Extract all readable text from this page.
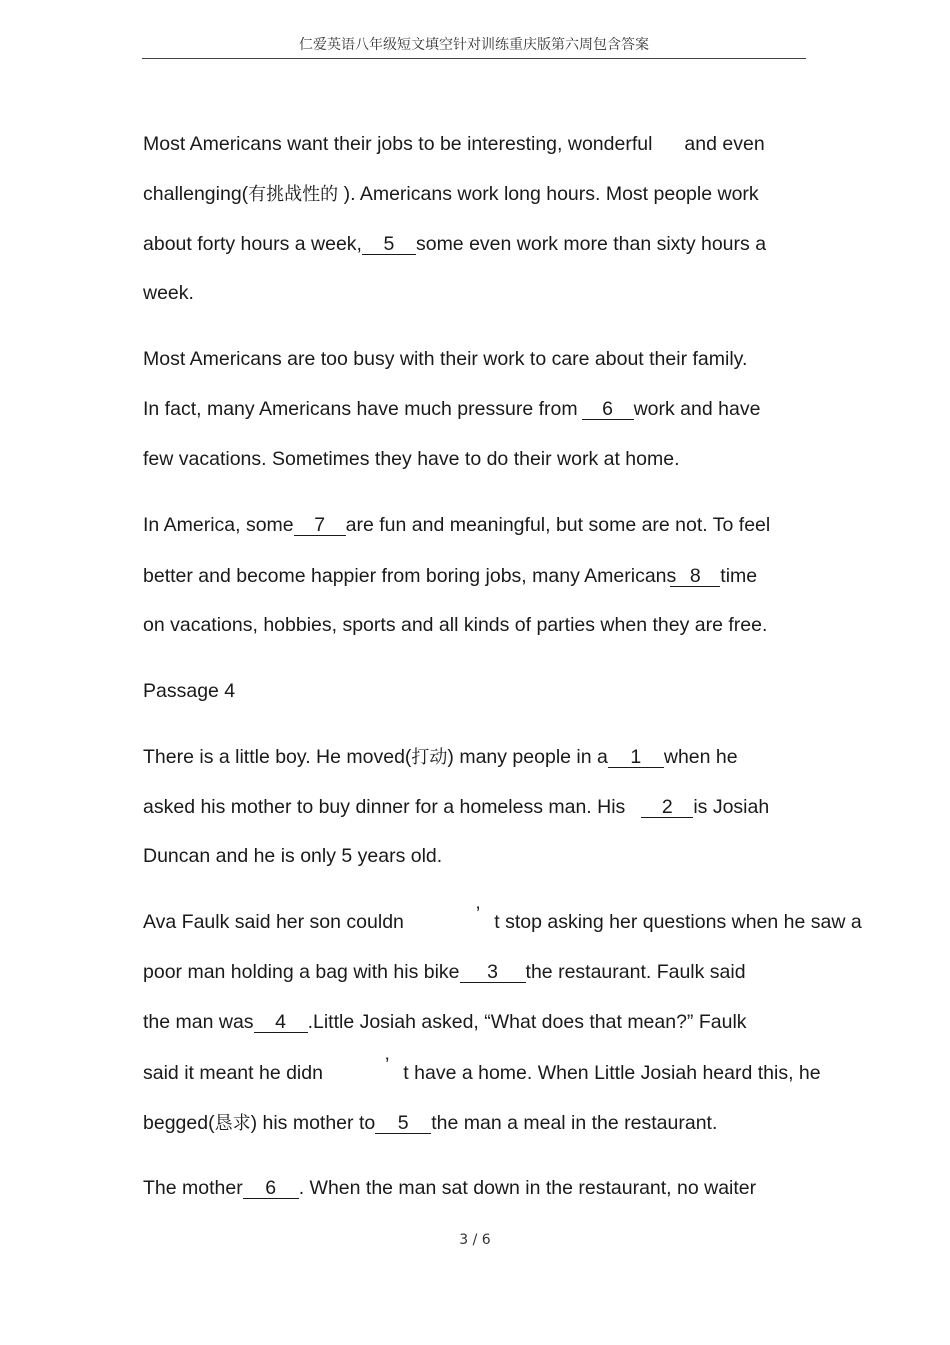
仁爱英语八年级短文填空针对训练重庆版第六周包含答案
Most Americans want their jobs to be interesting, wonderful and even
challenging(有挑战性的 ). Americans work long hours. Most people work
about forty hours a week, 5 some even work more than sixty hours a
week.
Most Americans are too busy with their work to care about their family.
In fact, many Americans have much pressure from 6 work and have
few vacations. Sometimes they have to do their work at home.
In America, some 7 are fun and meaningful, but some are not. To feel
better and become happier from boring jobs, many Americans 8 time
on vacations, hobbies, sports and all kinds of parties when they are free.
Passage 4
There is a little boy. He moved(打动) many people in a 1 when he
asked his mother to buy dinner for a homeless man. His 2 is Josiah
Duncan and he is only 5 years old.
Ava Faulk said her son couldn	’ t stop asking her questions when he saw a
poor man holding a bag with his bike 3 the restaurant. Faulk said
the man was 4 .Little Josiah asked, “What does that mean?” Faulk
said it meant he didn	’ t have a home. When Little Josiah heard this, he
begged(恳求) his mother to 5 the man a meal in the restaurant.
The mother 6 . When the man sat down in the restaurant, no waiter
3 / 6
